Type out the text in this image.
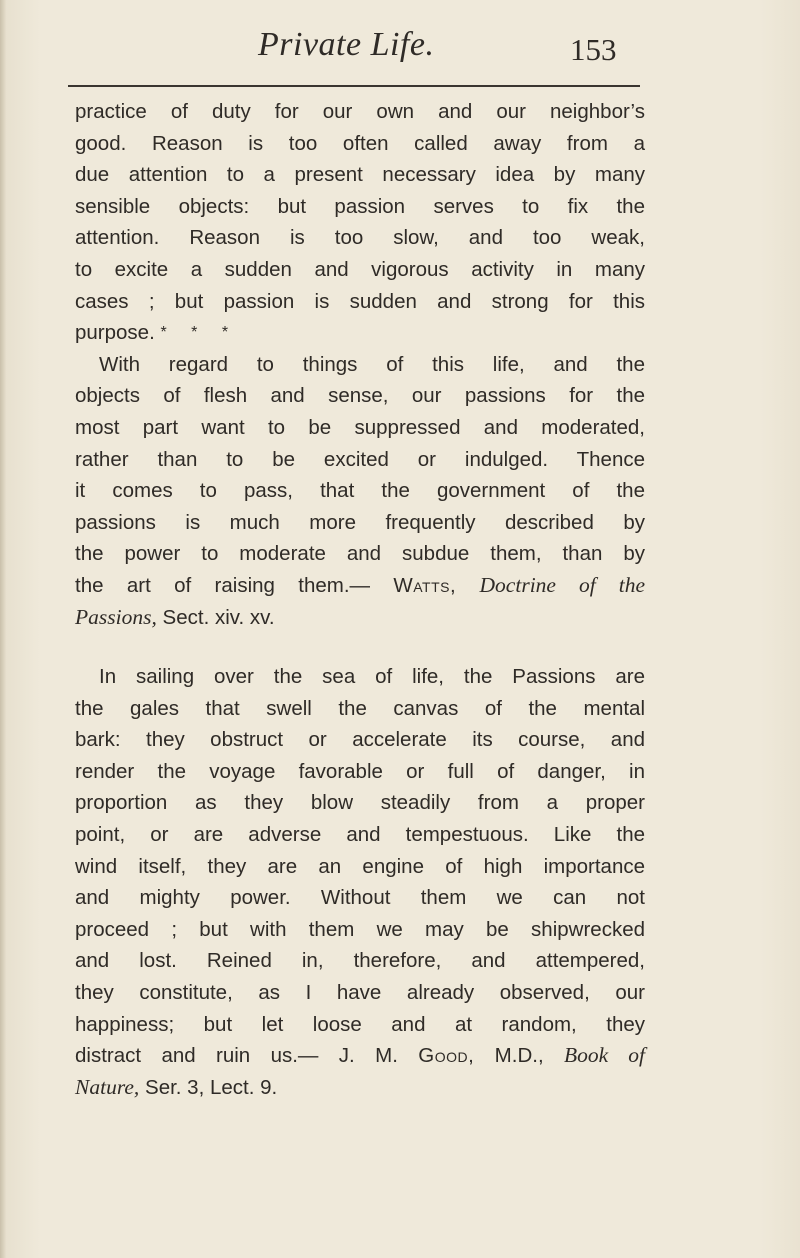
Private Life.	153
practice of duty for our own and our neighbor’s
good. Reason is too often called away from a
due attention to a present necessary idea by many
sensible objects: but passion serves to fix the
attention. Reason is too slow, and too weak,
to excite a sudden and vigorous activity in many
cases ; but passion is sudden and strong for this
purpose. * * *
With regard to things of this life, and the
objects of flesh and sense, our passions for the
most part want to be suppressed and moderated,
rather than to be excited or indulged. Thence
it comes to pass, that the government of the
passions is much more frequently described by
the power to moderate and subdue them, than by
the art of raising them.— Watts, Doctrine of the
Passions, Sect. xiv. xv.
In sailing over the sea of life, the Passions are
the gales that swell the canvas of the mental
bark: they obstruct or accelerate its course, and
render the voyage favorable or full of danger, in
proportion as they blow steadily from a proper
point, or are adverse and tempestuous. Like the
wind itself, they are an engine of high importance
and mighty power. Without them we can not
proceed ; but with them we may be shipwrecked
and lost. Reined in, therefore, and attempered,
they constitute, as I have already observed, our
happiness; but let loose and at random, they
distract and ruin us.— J. M. Good, M.D., Book of
Nature, Ser. 3, Lect. 9.
